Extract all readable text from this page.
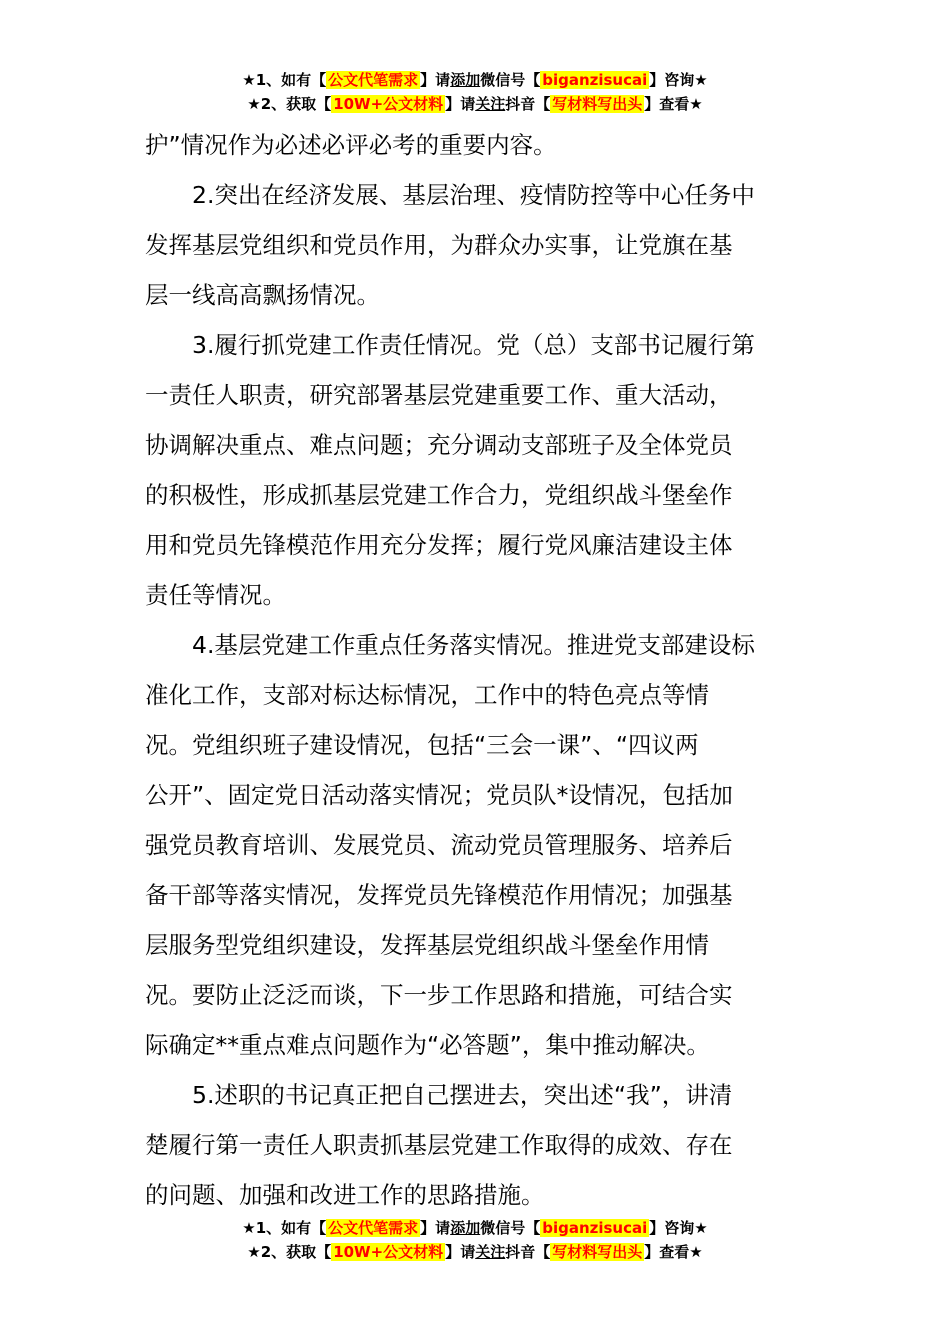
★1、如有【 公文代笔需求 】请添加微信号【 biganzisucai 】咨询★
★2、获取【 10W+公文材料 】请关注抖音【 写材料写出头 】查看★

护”情况作为必述必评必考的重要内容。

2.突出在经济发展、基层治理、疫情防控等中心任务中
发挥基层党组织和党员作用，为群众办实事，让党旗在基
层一线高高飘扬情况。

3.履行抓党建工作责任情况。党（总）支部书记履行第
一责任人职责，研究部署基层党建重要工作、重大活动，
协调解决重点、难点问题；充分调动支部班子及全体党员
的积极性，形成抓基层党建工作合力，党组织战斗堡垒作
用和党员先锋模范作用充分发挥；履行党风廉洁建设主体
责任等情况。

4.基层党建工作重点任务落实情况。推进党支部建设标
准化工作，支部对标达标情况，工作中的特色亮点等情
况。党组织班子建设情况，包括“三会一课”、“四议两
公开”、固定党日活动落实情况；党员队*设情况，包括加
强党员教育培训、发展党员、流动党员管理服务、培养后
备干部等落实情况，发挥党员先锋模范作用情况；加强基
层服务型党组织建设，发挥基层党组织战斗堡垒作用情
况。要防止泛泛而谈，下一步工作思路和措施，可结合实
际确定**重点难点问题作为“必答题”，集中推动解决。

5.述职的书记真正把自己摆进去，突出述“我”，讲清
楚履行第一责任人职责抓基层党建工作取得的成效、存在
的问题、加强和改进工作的思路措施。

★1、如有【 公文代笔需求 】请添加微信号【 biganzisucai 】咨询★
★2、获取【 10W+公文材料 】请关注抖音【 写材料写出头 】查看★
